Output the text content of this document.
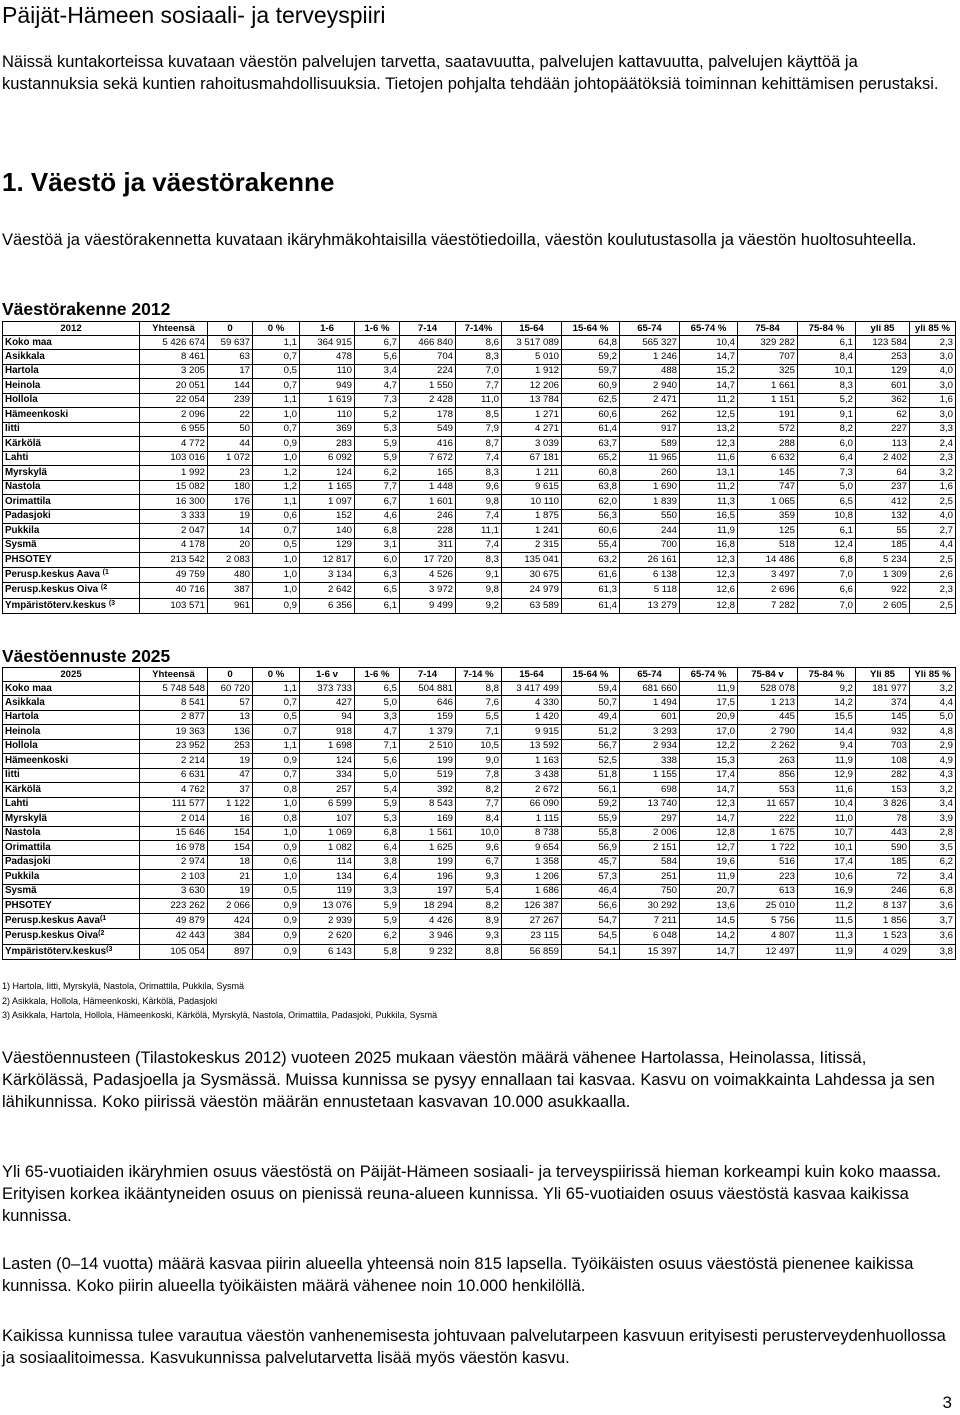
Päijät-Hämeen sosiaali- ja terveyspiiri

Näissä kuntakorteissa kuvataan väestön palvelujen tarvetta, saatavuutta, palvelujen kattavuutta, palvelujen käyttöä ja kustannuksia sekä kuntien rahoitusmahdollisuuksia. Tietojen pohjalta tehdään johtopäätöksiä toiminnan kehittämisen perustaksi.

1. Väestö ja väestörakenne

Väestöä ja väestörakennetta kuvataan ikäryhmäkohtaisilla väestötiedoilla, väestön koulutustasolla ja väestön huoltosuhteella.

Väestörakenne 2012
2012	Yhteensä	0	0 %	1-6	1-6 %	7-14	7-14%	15-64	15-64 %	65-74	65-74 %	75-84	75-84 %	yli 85	yli 85 %
Koko maa	5 426 674	59 637	1,1	364 915	6,7	466 840	8,6	3 517 089	64,8	565 327	10,4	329 282	6,1	123 584	2,3
Asikkala	8 461	63	0,7	478	5,6	704	8,3	5 010	59,2	1 246	14,7	707	8,4	253	3,0
Hartola	3 205	17	0,5	110	3,4	224	7,0	1 912	59,7	488	15,2	325	10,1	129	4,0
Heinola	20 051	144	0,7	949	4,7	1 550	7,7	12 206	60,9	2 940	14,7	1 661	8,3	601	3,0
Hollola	22 054	239	1,1	1 619	7,3	2 428	11,0	13 784	62,5	2 471	11,2	1 151	5,2	362	1,6
Hämeenkoski	2 096	22	1,0	110	5,2	178	8,5	1 271	60,6	262	12,5	191	9,1	62	3,0
Iitti	6 955	50	0,7	369	5,3	549	7,9	4 271	61,4	917	13,2	572	8,2	227	3,3
Kärkölä	4 772	44	0,9	283	5,9	416	8,7	3 039	63,7	589	12,3	288	6,0	113	2,4
Lahti	103 016	1 072	1,0	6 092	5,9	7 672	7,4	67 181	65,2	11 965	11,6	6 632	6,4	2 402	2,3
Myrskylä	1 992	23	1,2	124	6,2	165	8,3	1 211	60,8	260	13,1	145	7,3	64	3,2
Nastola	15 082	180	1,2	1 165	7,7	1 448	9,6	9 615	63,8	1 690	11,2	747	5,0	237	1,6
Orimattila	16 300	176	1,1	1 097	6,7	1 601	9,8	10 110	62,0	1 839	11,3	1 065	6,5	412	2,5
Padasjoki	3 333	19	0,6	152	4,6	246	7,4	1 875	56,3	550	16,5	359	10,8	132	4,0
Pukkila	2 047	14	0,7	140	6,8	228	11,1	1 241	60,6	244	11,9	125	6,1	55	2,7
Sysmä	4 178	20	0,5	129	3,1	311	7,4	2 315	55,4	700	16,8	518	12,4	185	4,4
PHSOTEY	213 542	2 083	1,0	12 817	6,0	17 720	8,3	135 041	63,2	26 161	12,3	14 486	6,8	5 234	2,5
Perusp.keskus Aava $^{(1}$	49 759	480	1,0	3 134	6,3	4 526	9,1	30 675	61,6	6 138	12,3	3 497	7,0	1 309	2,6
Perusp.keskus Oiva $^{(2}$	40 716	387	1,0	2 642	6,5	3 972	9,8	24 979	61,3	5 118	12,6	2 696	6,6	922	2,3
Ympäristöterv.keskus $^{(3}$	103 571	961	0,9	6 356	6,1	9 499	9,2	63 589	61,4	13 279	12,8	7 282	7,0	2 605	2,5
Väestöennuste 2025
2025	Yhteensä	0	0 %	1-6 v	1-6 %	7-14	7-14 %	15-64	15-64 %	65-74	65-74 %	75-84 v	75-84 %	Yli 85	Yli 85 %
Koko maa	5 748 548	60 720	1,1	373 733	6,5	504 881	8,8	3 417 499	59,4	681 660	11,9	528 078	9,2	181 977	3,2
Asikkala	8 541	57	0,7	427	5,0	646	7,6	4 330	50,7	1 494	17,5	1 213	14,2	374	4,4
Hartola	2 877	13	0,5	94	3,3	159	5,5	1 420	49,4	601	20,9	445	15,5	145	5,0
Heinola	19 363	136	0,7	918	4,7	1 379	7,1	9 915	51,2	3 293	17,0	2 790	14,4	932	4,8
Hollola	23 952	253	1,1	1 698	7,1	2 510	10,5	13 592	56,7	2 934	12,2	2 262	9,4	703	2,9
Hämeenkoski	2 214	19	0,9	124	5,6	199	9,0	1 163	52,5	338	15,3	263	11,9	108	4,9
Iitti	6 631	47	0,7	334	5,0	519	7,8	3 438	51,8	1 155	17,4	856	12,9	282	4,3
Kärkölä	4 762	37	0,8	257	5,4	392	8,2	2 672	56,1	698	14,7	553	11,6	153	3,2
Lahti	111 577	1 122	1,0	6 599	5,9	8 543	7,7	66 090	59,2	13 740	12,3	11 657	10,4	3 826	3,4
Myrskylä	2 014	16	0,8	107	5,3	169	8,4	1 115	55,9	297	14,7	222	11,0	78	3,9
Nastola	15 646	154	1,0	1 069	6,8	1 561	10,0	8 738	55,8	2 006	12,8	1 675	10,7	443	2,8
Orimattila	16 978	154	0,9	1 082	6,4	1 625	9,6	9 654	56,9	2 151	12,7	1 722	10,1	590	3,5
Padasjoki	2 974	18	0,6	114	3,8	199	6,7	1 358	45,7	584	19,6	516	17,4	185	6,2
Pukkila	2 103	21	1,0	134	6,4	196	9,3	1 206	57,3	251	11,9	223	10,6	72	3,4
Sysmä	3 630	19	0,5	119	3,3	197	5,4	1 686	46,4	750	20,7	613	16,9	246	6,8
PHSOTEY	223 262	2 066	0,9	13 076	5,9	18 294	8,2	126 387	56,6	30 292	13,6	25 010	11,2	8 137	3,6
Perusp.keskus Aava$^{(1}$	49 879	424	0,9	2 939	5,9	4 426	8,9	27 267	54,7	7 211	14,5	5 756	11,5	1 856	3,7
Perusp.keskus Oiva$^{(2}$	42 443	384	0,9	2 620	6,2	3 946	9,3	23 115	54,5	6 048	14,2	4 807	11,3	1 523	3,6
Ympäristöterv.keskus$^{(3}$	105 054	897	0,9	6 143	5,8	9 232	8,8	56 859	54,1	15 397	14,7	12 497	11,9	4 029	3,8
1) Hartola, Iitti, Myrskylä, Nastola, Orimattila, Pukkila, Sysmä
2) Asikkala, Hollola, Hämeenkoski, Kärkölä, Padasjoki
3) Asikkala, Hartola, Hollola, Hämeenkoski, Kärkölä, Myrskylä, Nastola, Orimattila, Padasjoki, Pukkila, Sysmä

Väestöennusteen (Tilastokeskus 2012) vuoteen 2025 mukaan väestön määrä vähenee Hartolassa, Heinolassa, Iitissä, Kärkölässä, Padasjoella ja Sysmässä. Muissa kunnissa se pysyy ennallaan tai kasvaa. Kasvu on voimakkainta Lahdessa ja sen lähikunnissa. Koko piirissä väestön määrän ennustetaan kasvavan 10.000 asukkaalla.

Yli 65-vuotiaiden ikäryhmien osuus väestöstä on Päijät-Hämeen sosiaali- ja terveyspiirissä hieman korkeampi kuin koko maassa. Erityisen korkea ikääntyneiden osuus on pienissä reuna-alueen kunnissa. Yli 65-vuotiaiden osuus väestöstä kasvaa kaikissa kunnissa.

Lasten (0–14 vuotta) määrä kasvaa piirin alueella yhteensä noin 815 lapsella. Työikäisten osuus väestöstä pienenee kaikissa kunnissa. Koko piirin alueella työikäisten määrä vähenee noin 10.000 henkilöllä.

Kaikissa kunnissa tulee varautua väestön vanhenemisesta johtuvaan palvelutarpeen kasvuun erityisesti perusterveydenhuollossa ja sosiaalitoimessa. Kasvukunnissa palvelutarvetta lisää myös väestön kasvu.

3
